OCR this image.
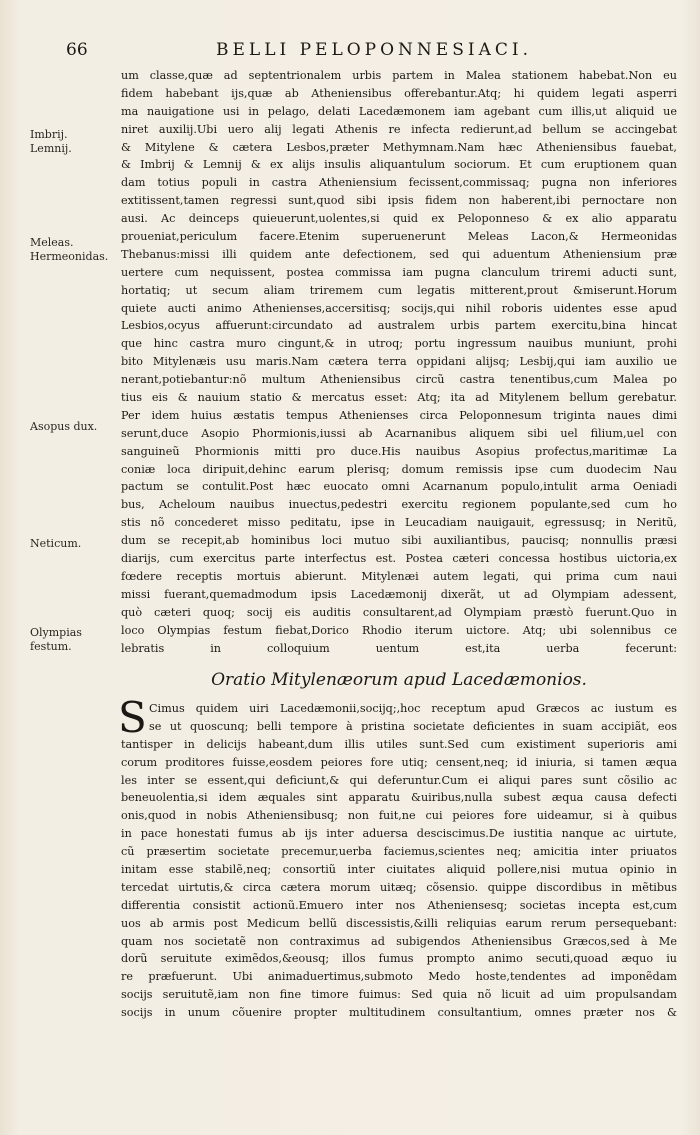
66	BELLI PELOPONNESIACI.
Imbrij.
Lemnij.
Meleas.
Hermeonidas.
Asopus dux.
Neticum.
Olympias
festum.
um classe,quæ ad septentrionalem urbis partem in Malea stationem habebat.Non eu
fidem habebant ijs,quæ ab Atheniensibus offerebantur.Atq; hi quidem legati asperri
ma nauigatione usi in pelago, delati Lacedæmonem iam agebant cum illis,ut aliquid ue
niret auxilij.Ubi uero alij legati Athenis re infecta redierunt,ad bellum se accingebat
& Mitylene & cætera Lesbos,præter Methymnam.Nam hæc Atheniensibus fauebat,
& Imbrij & Lemnij & ex alijs insulis aliquantulum sociorum. Et cum eruptionem quan
dam totius populi in castra Atheniensium fecissent,commissaq; pugna non inferiores
extitissent,tamen regressi sunt,quod sibi ipsis fidem non haberent,ibi pernoctare non
ausi. Ac deinceps quieuerunt,uolentes,si quid ex Peloponneso & ex alio apparatu
proueniat,periculum facere.Etenim superuenerunt Meleas Lacon,& Hermeonidas
Thebanus:missi illi quidem ante defectionem, sed qui aduentum Atheniensium præ
uertere cum nequissent, postea commissa iam pugna clanculum triremi aducti sunt,
hortatiq; ut secum aliam triremem cum legatis mitterent,prout &miserunt.Horum
quiete aucti animo Athenienses,accersitisq; socijs,qui nihil roboris uidentes esse apud
Lesbios,ocyus affuerunt:circundato ad australem urbis partem exercitu,bina hincat
que hinc castra muro cingunt,& in utroq; portu ingressum nauibus muniunt, prohi
bito Mitylenæis usu maris.Nam cætera terra oppidani alijsq; Lesbij,qui iam auxilio ue
nerant,potiebantur:nõ multum Atheniensibus circũ castra tenentibus,cum Malea po
tius eis & nauium statio & mercatus esset: Atq; ita ad Mitylenem bellum gerebatur.
Per idem huius æstatis tempus Athenienses circa Peloponnesum triginta naues dimi
serunt,duce Asopio Phormionis,iussi ab Acarnanibus aliquem sibi uel filium,uel con
sanguineũ Phormionis mitti pro duce.His nauibus Asopius profectus,maritimæ La
coniæ loca diripuit,dehinc earum plerisq; domum remissis ipse cum duodecim Nau
pactum se contulit.Post hæc euocato omni Acarnanum populo,intulit arma Oeniadi
bus, Acheloum nauibus inuectus,pedestri exercitu regionem populante,sed cum ho
stis nõ concederet misso peditatu, ipse in Leucadiam nauigauit, egressusq; in Neritũ,
dum se recepit,ab hominibus loci mutuo sibi auxiliantibus, paucisq; nonnullis præsi
diarijs, cum exercitus parte interfectus est. Postea cæteri concessa hostibus uictoria,ex
fœdere receptis mortuis abierunt. Mitylenæi autem legati, qui prima cum naui
missi fuerant,quemadmodum ipsis Lacedæmonij dixerãt, ut ad Olympiam adessent,
quò cæteri quoq; socij eis auditis consultarent,ad Olympiam præstò fuerunt.Quo in
loco Olympias festum fiebat,Dorico Rhodio iterum uictore. Atq; ubi solennibus ce
lebratis in colloquium uentum est,ita uerba fecerunt:
Oratio Mitylenæorum apud Lacedæmonios.
S Cimus quidem uiri Lacedæmonii,socijq;,hoc receptum apud Græcos ac iustum es
se ut quoscunq; belli tempore à pristina societate deficientes in suam accipiãt, eos
tantisper in delicijs habeant,dum illis utiles sunt.Sed cum existiment superioris ami
corum proditores fuisse,eosdem peiores fore utiq; censent,neq; id iniuria, si tamen æqua
les inter se essent,qui deficiunt,& qui deferuntur.Cum ei aliqui pares sunt cõsilio ac
beneuolentia,si idem æquales sint apparatu &uiribus,nulla subest æqua causa defecti
onis,quod in nobis Atheniensibusq; non fuit,ne cui peiores fore uideamur, si à quibus
in pace honestati fumus ab ijs inter aduersa desciscimus.De iustitia nanque ac uirtute,
cũ præsertim societate precemur,uerba faciemus,scientes neq; amicitia inter priuatos
initam esse stabilẽ,neq; consortiũ inter ciuitates aliquid pollere,nisi mutua opinio in
tercedat uirtutis,& circa cætera morum uitæq; cõsensio. quippe discordibus in mẽtibus
differentia consistit actionũ.Emuero inter nos Atheniensesq; societas incepta est,cum
uos ab armis post Medicum bellũ discessistis,&illi reliquias earum rerum persequebant:
quam nos societatẽ non contraximus ad subigendos Atheniensibus Græcos,sed à Me
dorũ seruitute eximẽdos,&eousq; illos fumus prompto animo secuti,quoad æquo iu
re præfuerunt. Ubi animaduertimus,submoto Medo hoste,tendentes ad imponẽdam
socijs seruitutẽ,iam non fine timore fuimus: Sed quia nõ licuit ad uim propulsandam
socijs in unum cõuenire propter multitudinem consultantium, omnes præter nos &
